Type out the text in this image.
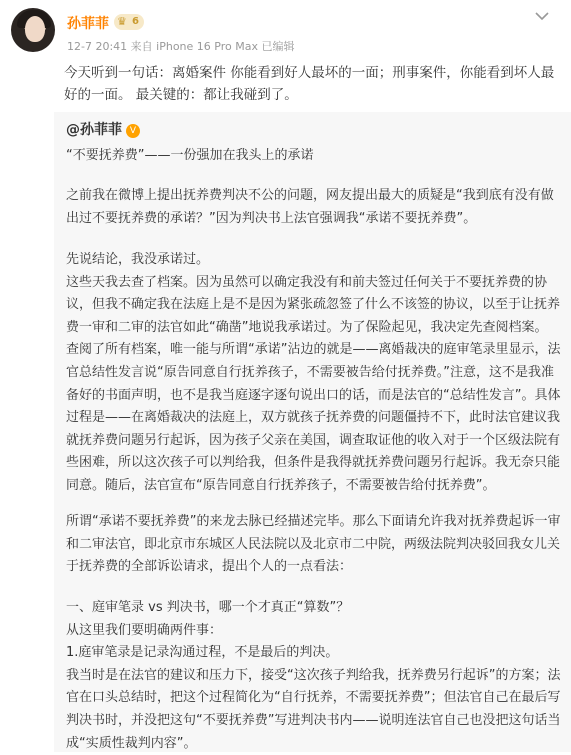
孙菲菲 ♛ 6
12-7 20:41 来自 iPhone 16 Pro Max 已编辑
今天听到一句话：离婚案件 你能看到好人最坏的一面；刑事案件，你能看到坏人最好的一面。 最关键的：都让我碰到了。
@孙菲菲 V
“不要抚养费”——一份强加在我头上的承诺
之前我在微博上提出抚养费判决不公的问题，网友提出最大的质疑是“我到底有没有做出过不要抚养费的承诺？”因为判决书上法官强调我“承诺不要抚养费”。
先说结论，我没承诺过。
这些天我去查了档案。因为虽然可以确定我没有和前夫签过任何关于不要抚养费的协议，但我不确定我在法庭上是不是因为紧张疏忽签了什么不该签的协议，以至于让抚养费一审和二审的法官如此“确凿”地说我承诺过。为了保险起见，我决定先查阅档案。
查阅了所有档案，唯一能与所谓“承诺”沾边的就是——离婚裁决的庭审笔录里显示，法官总结性发言说“原告同意自行抚养孩子，不需要被告给付抚养费。”注意，这不是我准备好的书面声明，也不是我当庭逐字逐句说出口的话，而是法官的“总结性发言”。具体过程是——在离婚裁决的法庭上，双方就孩子抚养费的问题僵持不下，此时法官建议我就抚养费问题另行起诉，因为孩子父亲在美国，调查取证他的收入对于一个区级法院有些困难，所以这次孩子可以判给我，但条件是我得就抚养费问题另行起诉。我无奈只能同意。随后，法官宣布“原告同意自行抚养孩子，不需要被告给付抚养费”。
所谓“承诺不要抚养费”的来龙去脉已经描述完毕。那么下面请允许我对抚养费起诉一审和二审法官，即北京市东城区人民法院以及北京市二中院，两级法院判决驳回我女儿关于抚养费的全部诉讼请求，提出个人的一点看法：
一、庭审笔录 vs 判决书，哪一个才真正“算数”？
从这里我们要明确两件事：
1.庭审笔录是记录沟通过程，不是最后的判决。
我当时是在法官的建议和压力下，接受“这次孩子判给我，抚养费另行起诉”的方案；法官在口头总结时，把这个过程简化为“自行抚养，不需要抚养费”；但法官自己在最后写判决书时，并没把这句“不要抚养费”写进判决书内——说明连法官自己也没把这句话当成“实质性裁判内容”。
